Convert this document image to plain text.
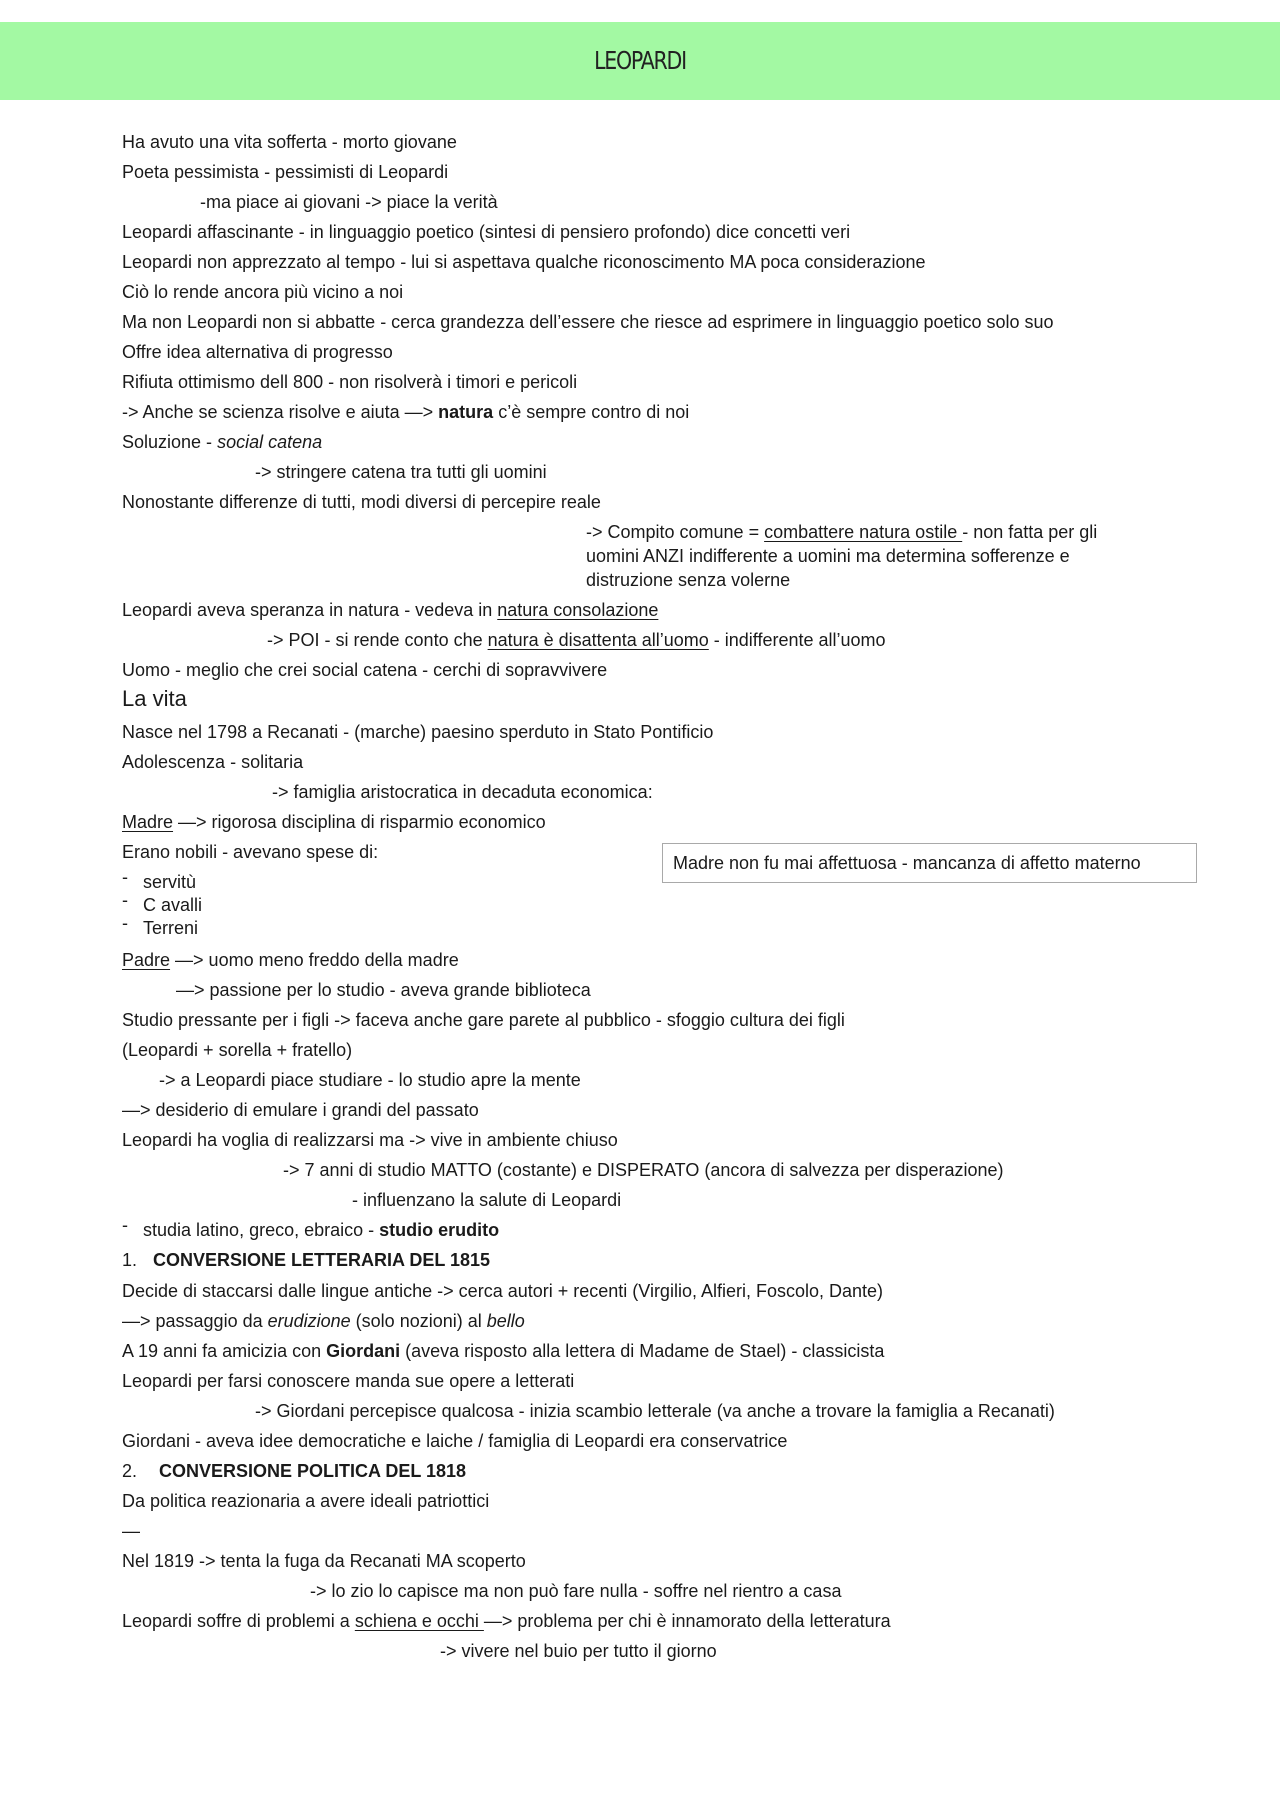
LEOPARDI
Ha avuto una vita sofferta - morto giovane
Poeta pessimista - pessimisti di Leopardi
-ma piace ai giovani -> piace la verità
Leopardi affascinante - in linguaggio poetico (sintesi di pensiero profondo) dice concetti veri
Leopardi non apprezzato al tempo - lui si aspettava qualche riconoscimento MA poca considerazione
Ciò lo rende ancora più vicino a noi
Ma non Leopardi non si abbatte - cerca grandezza dell’essere che riesce ad esprimere in linguaggio poetico solo suo
Offre idea alternativa di progresso
Rifiuta ottimismo dell 800 - non risolverà i timori e pericoli
-> Anche se scienza risolve e aiuta —> natura c’è sempre contro di noi
Soluzione - social catena
-> stringere catena tra tutti gli uomini
Nonostante differenze di tutti, modi diversi di percepire reale
-> Compito comune = combattere natura ostile - non fatta per gli uomini ANZI indifferente a uomini ma determina sofferenze e distruzione senza volerne
Leopardi aveva speranza in natura - vedeva in natura consolazione
-> POI - si rende conto che natura è disattenta all’uomo - indifferente all’uomo
Uomo - meglio che crei social catena - cerchi di sopravvivere
La vita
Nasce nel 1798 a Recanati - (marche) paesino sperduto in Stato Pontificio
Adolescenza - solitaria
-> famiglia aristocratica in decaduta economica:
Madre —> rigorosa disciplina di risparmio economico
Erano nobili - avevano spese di:
Madre non fu mai affettuosa - mancanza di affetto materno
- servitù
- C avalli
- Terreni
Padre —> uomo meno freddo della madre
—> passione per lo studio - aveva grande biblioteca
Studio pressante per i figli -> faceva anche gare parete al pubblico - sfoggio cultura dei figli
(Leopardi + sorella + fratello)
-> a Leopardi piace studiare - lo studio apre la mente
—> desiderio di emulare i grandi del passato
Leopardi ha voglia di realizzarsi ma -> vive in ambiente chiuso
-> 7 anni di studio MATTO (costante) e DISPERATO (ancora di salvezza per disperazione)
- influenzano la salute di Leopardi
- studia latino, greco, ebraico - studio erudito
1. CONVERSIONE LETTERARIA DEL 1815
Decide di staccarsi dalle lingue antiche -> cerca autori + recenti (Virgilio, Alfieri, Foscolo, Dante)
—> passaggio da erudizione (solo nozioni) al bello
A 19 anni fa amicizia con Giordani (aveva risposto alla lettera di Madame de Stael) - classicista
Leopardi per farsi conoscere manda sue opere a letterati
-> Giordani percepisce qualcosa - inizia scambio letterale (va anche a trovare la famiglia a Recanati)
Giordani - aveva idee democratiche e laiche / famiglia di Leopardi era conservatrice
2. CONVERSIONE POLITICA DEL 1818
Da politica reazionaria a avere ideali patriottici
—
Nel 1819 -> tenta la fuga da Recanati MA scoperto
-> lo zio lo capisce ma non può fare nulla - soffre nel rientro a casa
Leopardi soffre di problemi a schiena e occhi —> problema per chi è innamorato della letteratura
-> vivere nel buio per tutto il giorno
